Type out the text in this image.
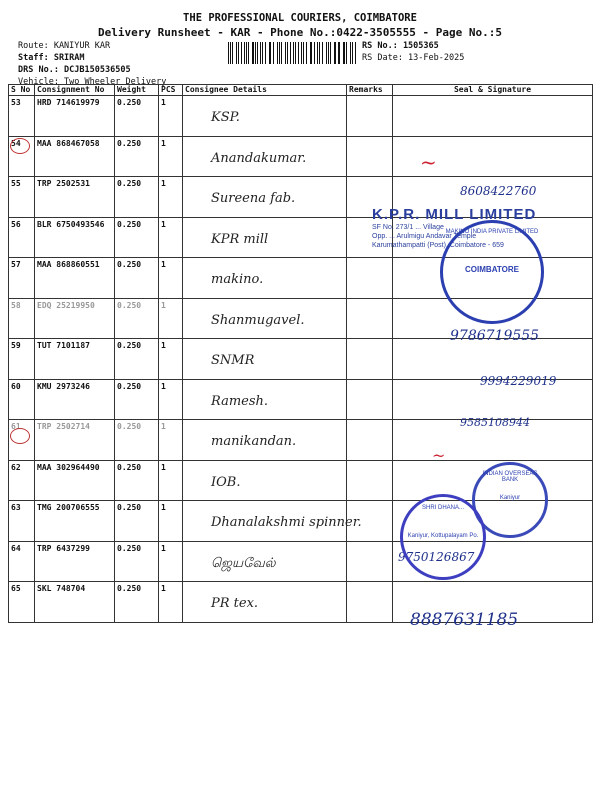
THE PROFESSIONAL COURIERS, COIMBATORE
Delivery Runsheet - KAR - Phone No.:0422-3505555 - Page No.:5
Route: KANIYUR KAR
Staff: SRIRAM
DRS No.: DCJB150536505
Vehicle: Two Wheeler Delivery
RS No.: 1505365
RS Date: 13-Feb-2025
S No	Consignment No	Weight	PCS	Consignee Details	Remarks	Seal & Signature

53	HRD 714619979	0.250	1	KSP.		

54	MAA 868467058	0.250	1	Anandakumar.		

55	TRP 2502531	0.250	1	Sureena fab.		

56	BLR 6750493546	0.250	1	KPR mill		

57	MAA 868860551	0.250	1	makino.		

58	EDQ 25219950	0.250	1	Shanmugavel.		

59	TUT 7101187	0.250	1	SNMR		

60	KMU 2973246	0.250	1	Ramesh.		

61	TRP 2502714	0.250	1	manikandan.		

62	MAA 302964490	0.250	1	IOB.		

63	TMG 200706555	0.250	1	Dhanalakshmi spinner.		

64	TRP 6437299	0.250	1	ஜெயவேல்		

65	SKL 748704	0.250	1	PR tex.		

8608422760
9786719555
9994229019
9585108944
9750126867
8887631185
~
~
K.P.R. MILL LIMITED
SF No. 273/1 ... Village
Opp. ... Arulmigu Andavar Temple
Karumathampatti (Post), Coimbatore - 659
MAKINO INDIA PRIVATE LIMITED
COIMBATORE
INDIAN OVERSEAS BANK
Kaniyur
SHRI DHANA...
Kaniyur, Kottupalayam Po.
